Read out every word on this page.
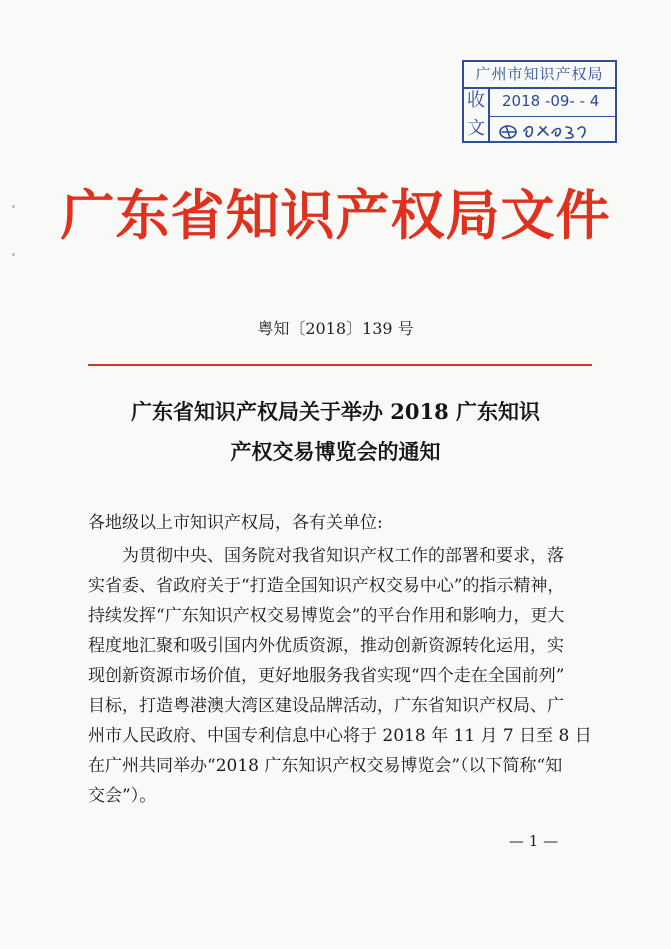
广州市知识产权局
收
文
2018 -09- - 4
广东省知识产权局文件
粤知〔2018〕139 号
广东省知识产权局关于举办 2018 广东知识
产权交易博览会的通知
各地级以上市知识产权局，各有关单位:
为贯彻中央、国务院对我省知识产权工作的部署和要求，落
实省委、省政府关于“打造全国知识产权交易中心”的指示精神，
持续发挥“广东知识产权交易博览会”的平台作用和影响力，更大
程度地汇聚和吸引国内外优质资源，推动创新资源转化运用，实
现创新资源市场价值，更好地服务我省实现“四个走在全国前列”
目标，打造粤港澳大湾区建设品牌活动，广东省知识产权局、广
州市人民政府、中国专利信息中心将于 2018 年 11 月 7 日至 8 日
在广州共同举办“2018 广东知识产权交易博览会”（以下简称“知
交会”）。
— 1 —
